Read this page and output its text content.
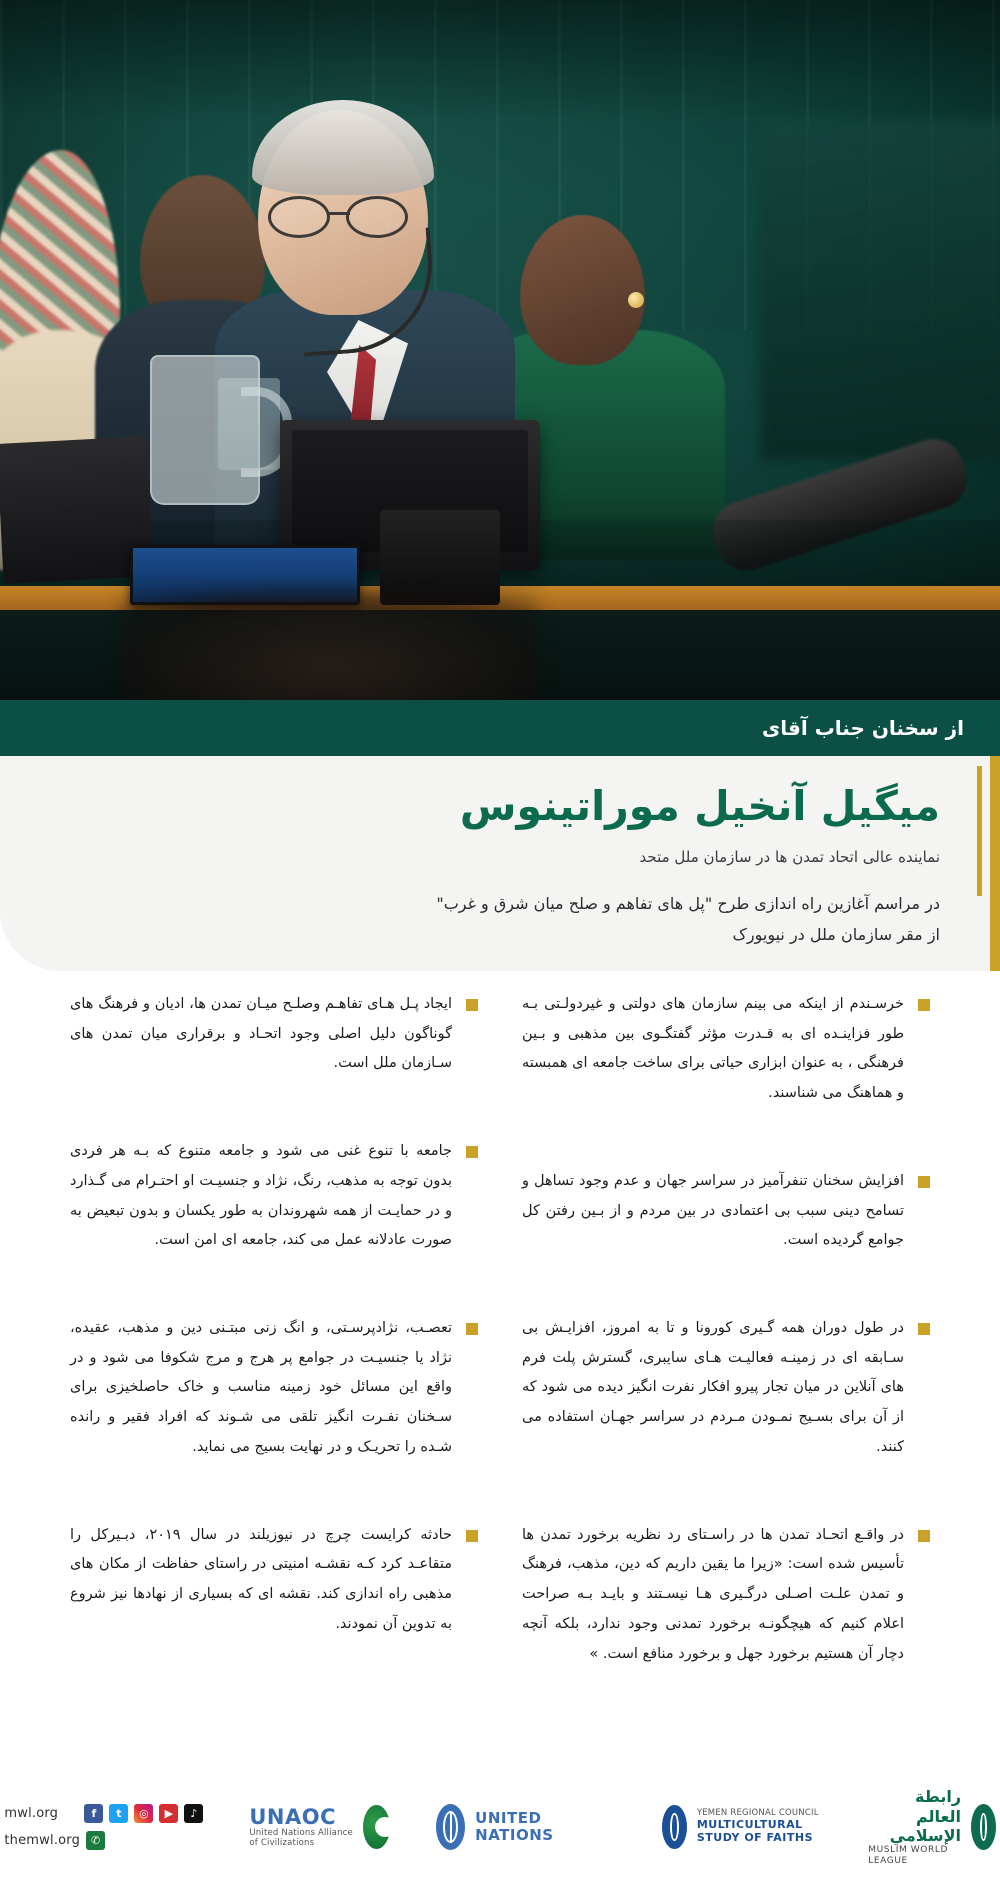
از سخنان جناب آقای
میگیل آنخیل موراتینوس

نماینده عالی اتحاد تمدن ها در سازمان ملل متحد

در مراسم آغازین راه اندازی طرح "پل های تفاهم و صلح میان شرق و غرب"

از مقر سازمان ملل در نیویورک

خرسـندم از اینکه می بینم سازمان های دولتی و غیردولـتی بـه طور فزاینـده ای به قـدرت مؤثر گفتگـوی بین مذهبی و بـین فرهنگی ، به عنوان ابزاری حیاتی برای ساخت جامعه ای همبسته و هماهنگ می شناسند.
افزایش سخنان تنفرآمیز در سراسر جهان و عدم وجود تساهل و تسامح دینی سبب بی اعتمادی در بین مردم و از بـین رفتن کل جوامع گردیده است.
در طول دوران همه گـیری کورونا و تا به امروز، افزایـش بی سـابقه ای در زمینـه فعالیـت هـای سایبری، گسترش پلت فرم های آنلاین در میان تجار پیرو افکار نفرت انگیز دیده می شود که از آن برای بسـیج نمـودن مـردم در سراسر جهـان استفاده می کنند.
در واقـع اتحـاد تمدن ها در راسـتای رد نظریه برخورد تمدن ها تأسیس شده است: «زیرا ما یقین داریم که دین، مذهب، فرهنگ و تمدن علـت اصـلی درگـیری هـا نیسـتند و بایـد بـه صراحت اعلام کنیم که هیچگونـه برخورد تمدنی وجود ندارد، بلکه آنچه دچار آن هستیم برخورد جهل و برخورد منافع است. »
ایجاد پـل هـای تفاهـم وصلـح میـان تمدن ها، ادیان و فرهنگ های گوناگون دلیل اصلی وجود اتحـاد و برقراری میان تمدن های سـازمان ملل است.
جامعه با تنوع غنی می شود و جامعه متنوع که بـه هر فردی بدون توجه به مذهب، رنگ، نژاد و جنسیـت او احتـرام می گـذارد و در حمایـت از همه شهروندان به طور یکسان و بدون تبعیض به صورت عادلانه عمل می کند، جامعه ای امن است.
تعصـب، نژادپرسـتی، و انگ زنی مبتـنی دین و مذهب، عقیده، نژاد یا جنسیـت در جوامع پر هرج و مرج شکوفا می شود و در واقع این مسائل خود زمینه مناسب و خاک حاصلخیزی برای سـخنان نفـرت انگیز تلقی می شـوند که افراد فقیر و رانده شـده را تحریـک و در نهایت بسیج می نماید.
حادثه کرایست چرچ در نیوزیلند در سال ۲۰۱۹، دبـیرکل را متقاعـد کرد کـه نقشـه امنیتی در راستای حفاظت از مکان های مذهبی راه اندازی کند. نقشه ای که بسیاری از نهادها نیز شروع به تدوین آن نمودند.
mwl.org	f	t	◎	▶	♪
themwl.org ✆
UNAOC
United Nations Alliance of Civilizations
UNITED NATIONS
YEMEN REGIONAL COUNCIL
MULTICULTURAL STUDY OF FAITHS
رابطة العالم الإسلامي
MUSLIM WORLD LEAGUE
